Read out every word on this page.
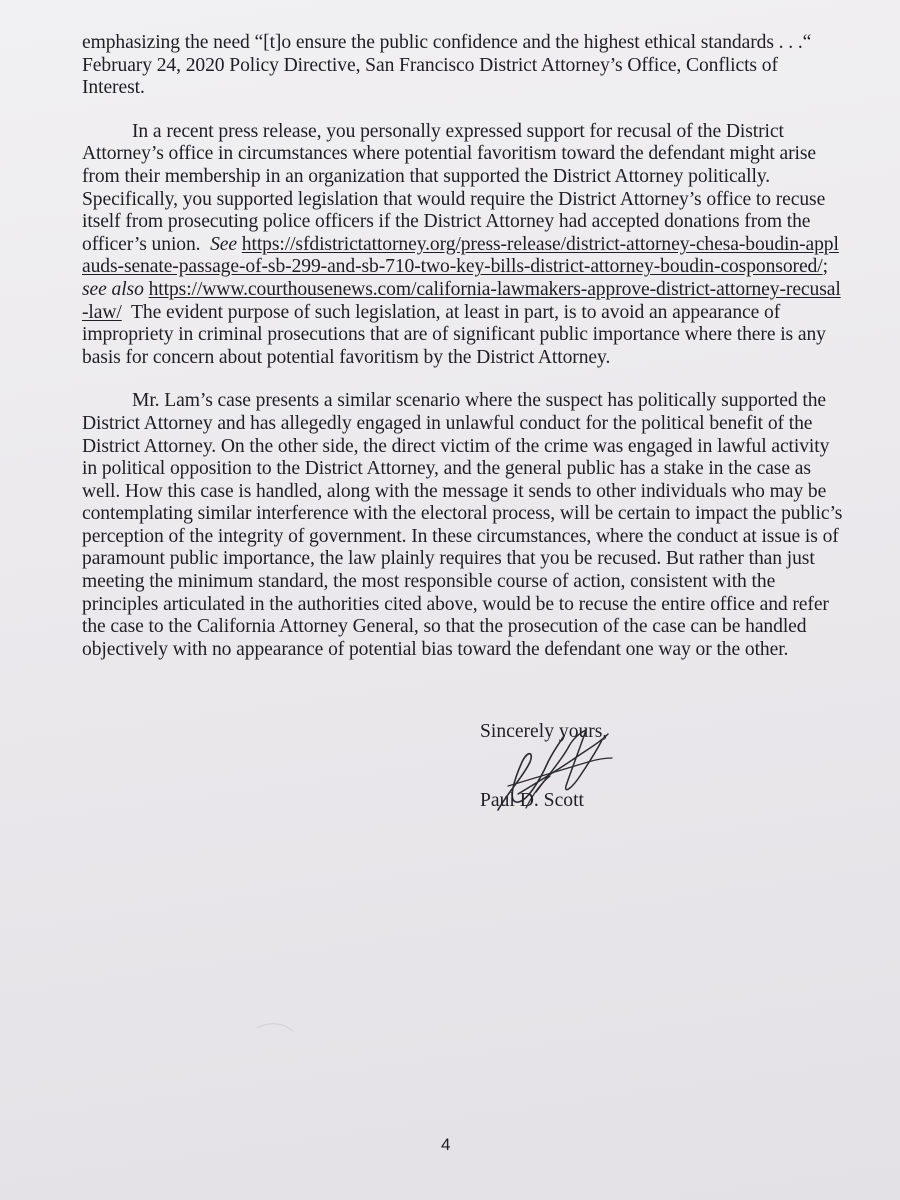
emphasizing the need “[t]o ensure the public confidence and the highest ethical standards . . .“ February 24, 2020 Policy Directive, San Francisco District Attorney’s Office, Conflicts of Interest.

In a recent press release, you personally expressed support for recusal of the District Attorney’s office in circumstances where potential favoritism toward the defendant might arise from their membership in an organization that supported the District Attorney politically. Specifically, you supported legislation that would require the District Attorney’s office to recuse itself from prosecuting police officers if the District Attorney had accepted donations from the officer’s union. See https://sfdistrictattorney.org/press-release/district-attorney-chesa-boudin-applauds-senate-passage-of-sb-299-and-sb-710-two-key-bills-district-attorney-boudin-cosponsored/; see also https://www.courthousenews.com/california-lawmakers-approve-district-attorney-recusal-law/ The evident purpose of such legislation, at least in part, is to avoid an appearance of impropriety in criminal prosecutions that are of significant public importance where there is any basis for concern about potential favoritism by the District Attorney.

Mr. Lam’s case presents a similar scenario where the suspect has politically supported the District Attorney and has allegedly engaged in unlawful conduct for the political benefit of the District Attorney. On the other side, the direct victim of the crime was engaged in lawful activity in political opposition to the District Attorney, and the general public has a stake in the case as well. How this case is handled, along with the message it sends to other individuals who may be contemplating similar interference with the electoral process, will be certain to impact the public’s perception of the integrity of government. In these circumstances, where the conduct at issue is of paramount public importance, the law plainly requires that you be recused. But rather than just meeting the minimum standard, the most responsible course of action, consistent with the principles articulated in the authorities cited above, would be to recuse the entire office and refer the case to the California Attorney General, so that the prosecution of the case can be handled objectively with no appearance of potential bias toward the defendant one way or the other.

Sincerely yours,
Paul D. Scott
4
